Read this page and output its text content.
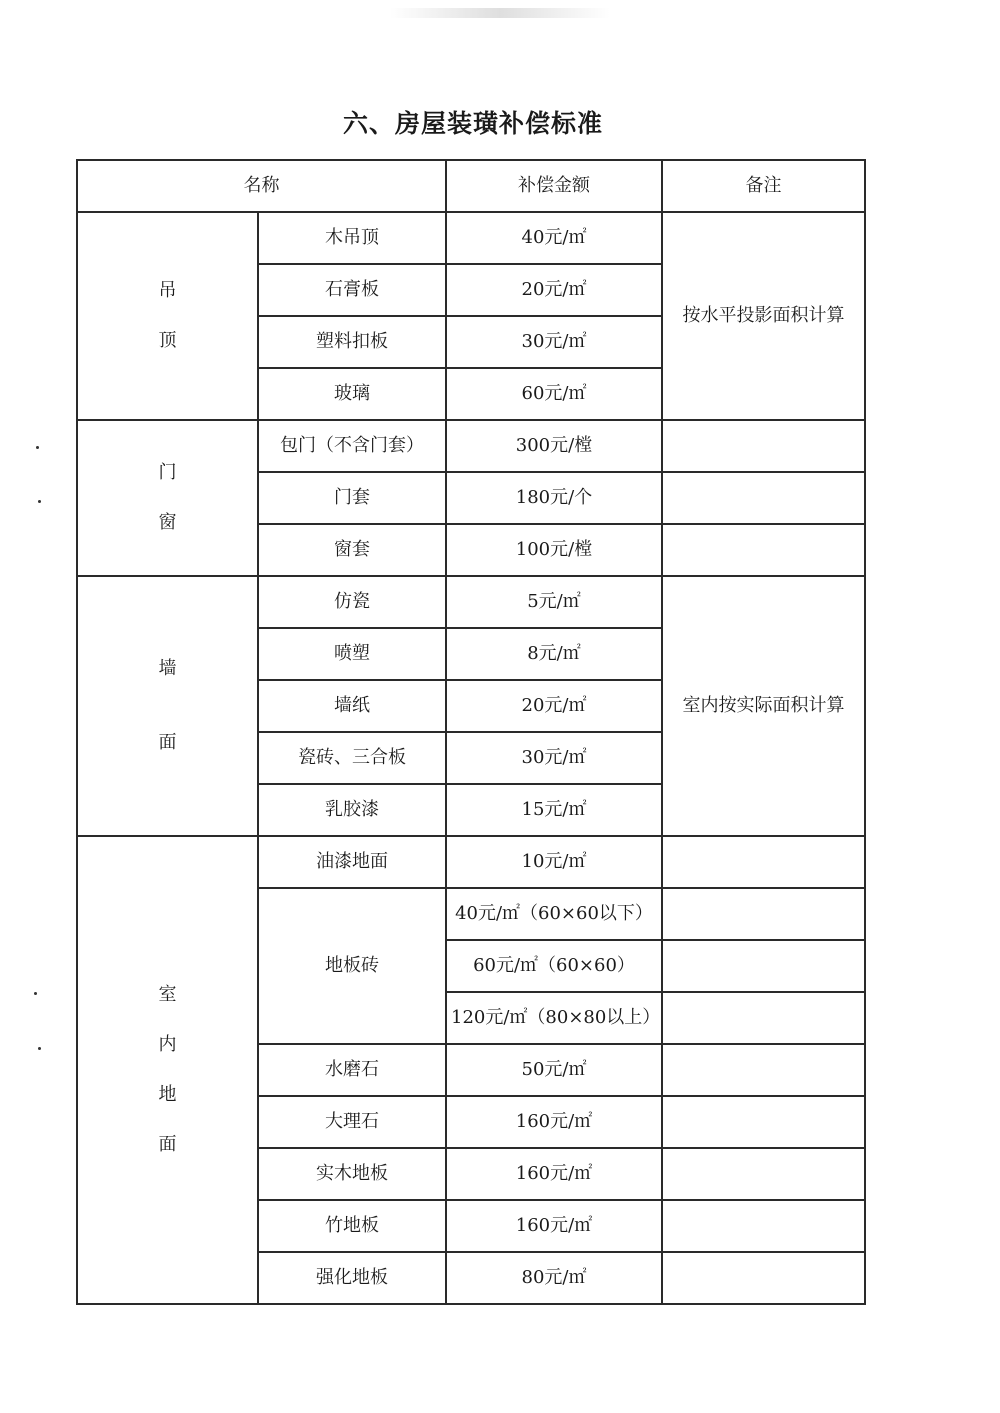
六、房屋装璜补偿标准
名称		补偿金额	备注

吊
顶	木吊顶	40元/㎡	按水平投影面积计算
	石膏板	20元/㎡	
	塑料扣板	30元/㎡	
	玻璃	60元/㎡	

门
窗	包门（不含门套）	300元/樘	
	门套	180元/个	
	窗套	100元/樘	

墙
面	仿瓷	5元/㎡	室内按实际面积计算
	喷塑	8元/㎡	
	墙纸	20元/㎡	
	瓷砖、三合板	30元/㎡	
	乳胶漆	15元/㎡	

室
内
地
面	油漆地面	10元/㎡	
	地板砖	40元/㎡（60×60以下）	
		60元/㎡（60×60）	
		120元/㎡（80×80以上）	
	水磨石	50元/㎡	
	大理石	160元/㎡	
	实木地板	160元/㎡	
	竹地板	160元/㎡	
	强化地板	80元/㎡	
